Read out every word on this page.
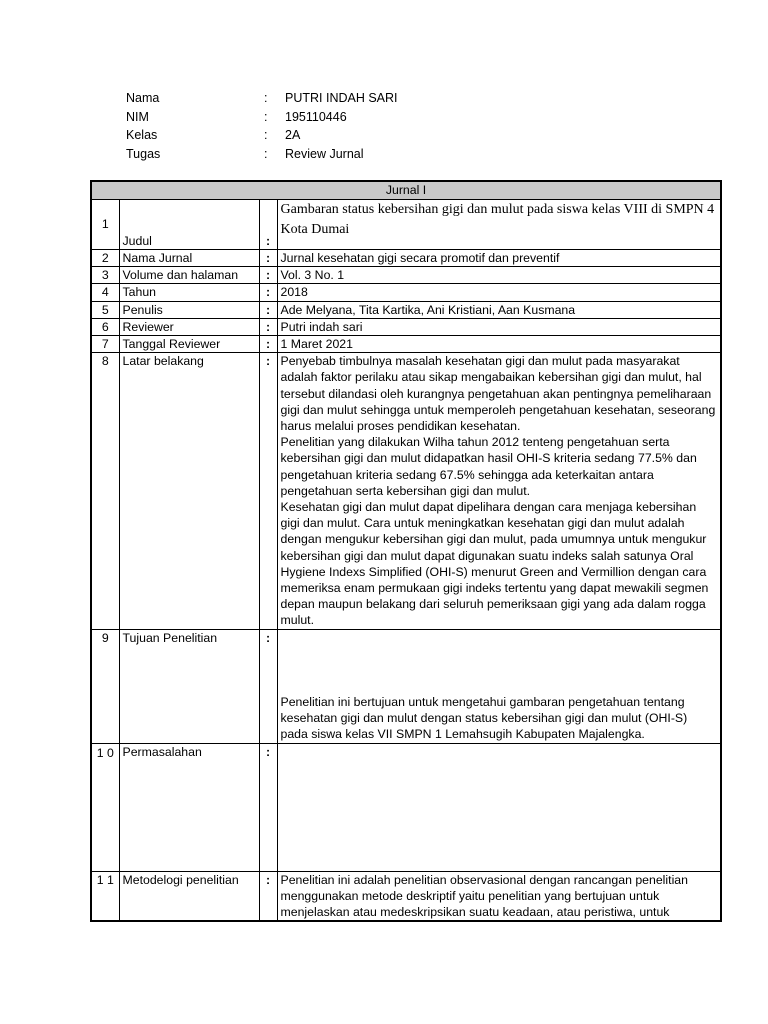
Nama	:	PUTRI INDAH SARI
NIM	:	195110446
Kelas	:	2A
Tugas	:	Review Jurnal
Jurnal I			
1	Judul	:	Gambaran status kebersihan gigi dan mulut pada siswa kelas VIII di SMPN 4 Kota Dumai
2	Nama Jurnal	:	Jurnal kesehatan gigi secara promotif dan preventif
3	Volume dan halaman	:	Vol. 3 No. 1
4	Tahun	:	2018
5	Penulis	:	Ade Melyana, Tita Kartika, Ani Kristiani, Aan Kusmana
6	Reviewer	:	Putri indah sari
7	Tanggal Reviewer	:	1 Maret 2021
8	Latar belakang	:	Penyebab timbulnya masalah kesehatan gigi dan mulut pada masyarakat adalah faktor perilaku atau sikap mengabaikan kebersihan gigi dan mulut, hal tersebut dilandasi oleh kurangnya pengetahuan akan pentingnya pemeliharaan gigi dan mulut sehingga untuk memperoleh pengetahuan kesehatan, seseorang harus melalui proses pendidikan kesehatan.

Penelitian yang dilakukan Wilha tahun 2012 tenteng pengetahuan serta kebersihan gigi dan mulut didapatkan hasil OHI-S kriteria sedang 77.5% dan pengetahuan kriteria sedang 67.5% sehingga ada keterkaitan antara pengetahuan serta kebersihan gigi dan mulut.

Kesehatan gigi dan mulut dapat dipelihara dengan cara menjaga kebersihan gigi dan mulut. Cara untuk meningkatkan kesehatan gigi dan mulut adalah dengan mengukur kebersihan gigi dan mulut, pada umumnya untuk mengukur kebersihan gigi dan mulut dapat digunakan suatu indeks salah satunya Oral Hygiene Indexs Simplified (OHI-S) menurut Green and Vermillion dengan cara memeriksa enam permukaan gigi indeks tertentu yang dapat mewakili segmen depan maupun belakang dari seluruh pemeriksaan gigi yang ada dalam rogga mulut.

9	Tujuan Penelitian	:	Penelitian ini bertujuan untuk mengetahui gambaran pengetahuan tentang kesehatan gigi dan mulut dengan status kebersihan gigi dan mulut (OHI-S) pada siswa kelas VII SMPN 1 Lemahsugih Kabupaten Majalengka.
1 0	Permasalahan	:	
1 1	Metodelogi penelitian	:	Penelitian ini adalah penelitian observasional dengan rancangan penelitian menggunakan metode deskriptif yaitu penelitian yang bertujuan untuk menjelaskan atau medeskripsikan suatu keadaan, atau peristiwa, untuk
